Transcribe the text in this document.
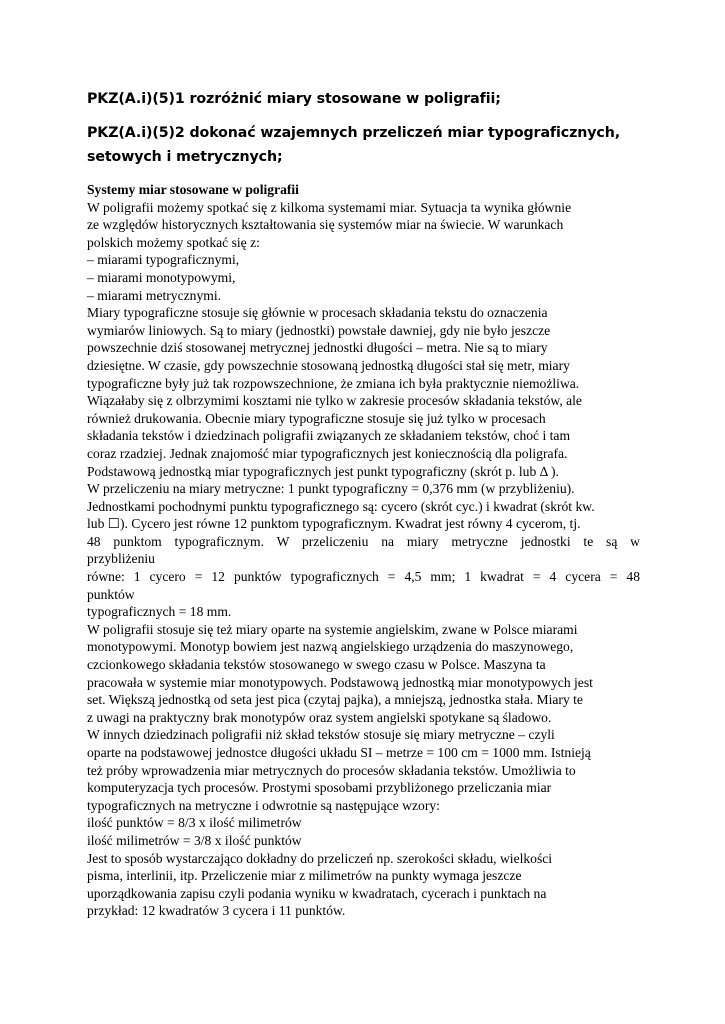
PKZ(A.i)(5)1 rozróżnić miary stosowane w poligrafii;
PKZ(A.i)(5)2 dokonać wzajemnych przeliczeń miar typograficznych, setowych i metrycznych;
Systemy miar stosowane w poligrafii
W poligrafii możemy spotkać się z kilkoma systemami miar. Sytuacja ta wynika głównie
ze względów historycznych kształtowania się systemów miar na świecie. W warunkach
polskich możemy spotkać się z:
– miarami typograficznymi,
– miarami monotypowymi,
– miarami metrycznymi.
Miary typograficzne stosuje się głównie w procesach składania tekstu do oznaczenia
wymiarów liniowych. Są to miary (jednostki) powstałe dawniej, gdy nie było jeszcze
powszechnie dziś stosowanej metrycznej jednostki długości – metra. Nie są to miary
dziesiętne. W czasie, gdy powszechnie stosowaną jednostką długości stał się metr, miary
typograficzne były już tak rozpowszechnione, że zmiana ich była praktycznie niemożliwa.
Wiązałaby się z olbrzymimi kosztami nie tylko w zakresie procesów składania tekstów, ale
również drukowania. Obecnie miary typograficzne stosuje się już tylko w procesach
składania tekstów i dziedzinach poligrafii związanych ze składaniem tekstów, choć i tam
coraz rzadziej. Jednak znajomość miar typograficznych jest koniecznością dla poligrafa.
Podstawową jednostką miar typograficznych jest punkt typograficzny (skrót p. lub Δ ).
W przeliczeniu na miary metryczne: 1 punkt typograficzny = 0,376 mm (w przybliżeniu).
Jednostkami pochodnymi punktu typograficznego są: cycero (skrót cyc.) i kwadrat (skrót kw.
lub ☐). Cycero jest równe 12 punktom typograficznym. Kwadrat jest równy 4 cycerom, tj.
48 punktom typograficznym. W przeliczeniu na miary metryczne jednostki te są w
przybliżeniu
równe: 1 cycero = 12 punktów typograficznych = 4,5 mm; 1 kwadrat = 4 cycera = 48
punktów
typograficznych = 18 mm.
W poligrafii stosuje się też miary oparte na systemie angielskim, zwane w Polsce miarami
monotypowymi. Monotyp bowiem jest nazwą angielskiego urządzenia do maszynowego,
czcionkowego składania tekstów stosowanego w swego czasu w Polsce. Maszyna ta
pracowała w systemie miar monotypowych. Podstawową jednostką miar monotypowych jest
set. Większą jednostką od seta jest pica (czytaj pajka), a mniejszą, jednostka stała. Miary te
z uwagi na praktyczny brak monotypów oraz system angielski spotykane są śladowo.
W innych dziedzinach poligrafii niż skład tekstów stosuje się miary metryczne – czyli
oparte na podstawowej jednostce długości układu SI – metrze = 100 cm = 1000 mm. Istnieją
też próby wprowadzenia miar metrycznych do procesów składania tekstów. Umożliwia to
komputeryzacja tych procesów. Prostymi sposobami przybliżonego przeliczania miar
typograficznych na metryczne i odwrotnie są następujące wzory:
ilość punktów = 8/3 x ilość milimetrów
ilość milimetrów = 3/8 x ilość punktów
Jest to sposób wystarczająco dokładny do przeliczeń np. szerokości składu, wielkości
pisma, interlinii, itp. Przeliczenie miar z milimetrów na punkty wymaga jeszcze
uporządkowania zapisu czyli podania wyniku w kwadratach, cycerach i punktach na
przykład: 12 kwadratów 3 cycera i 11 punktów.
